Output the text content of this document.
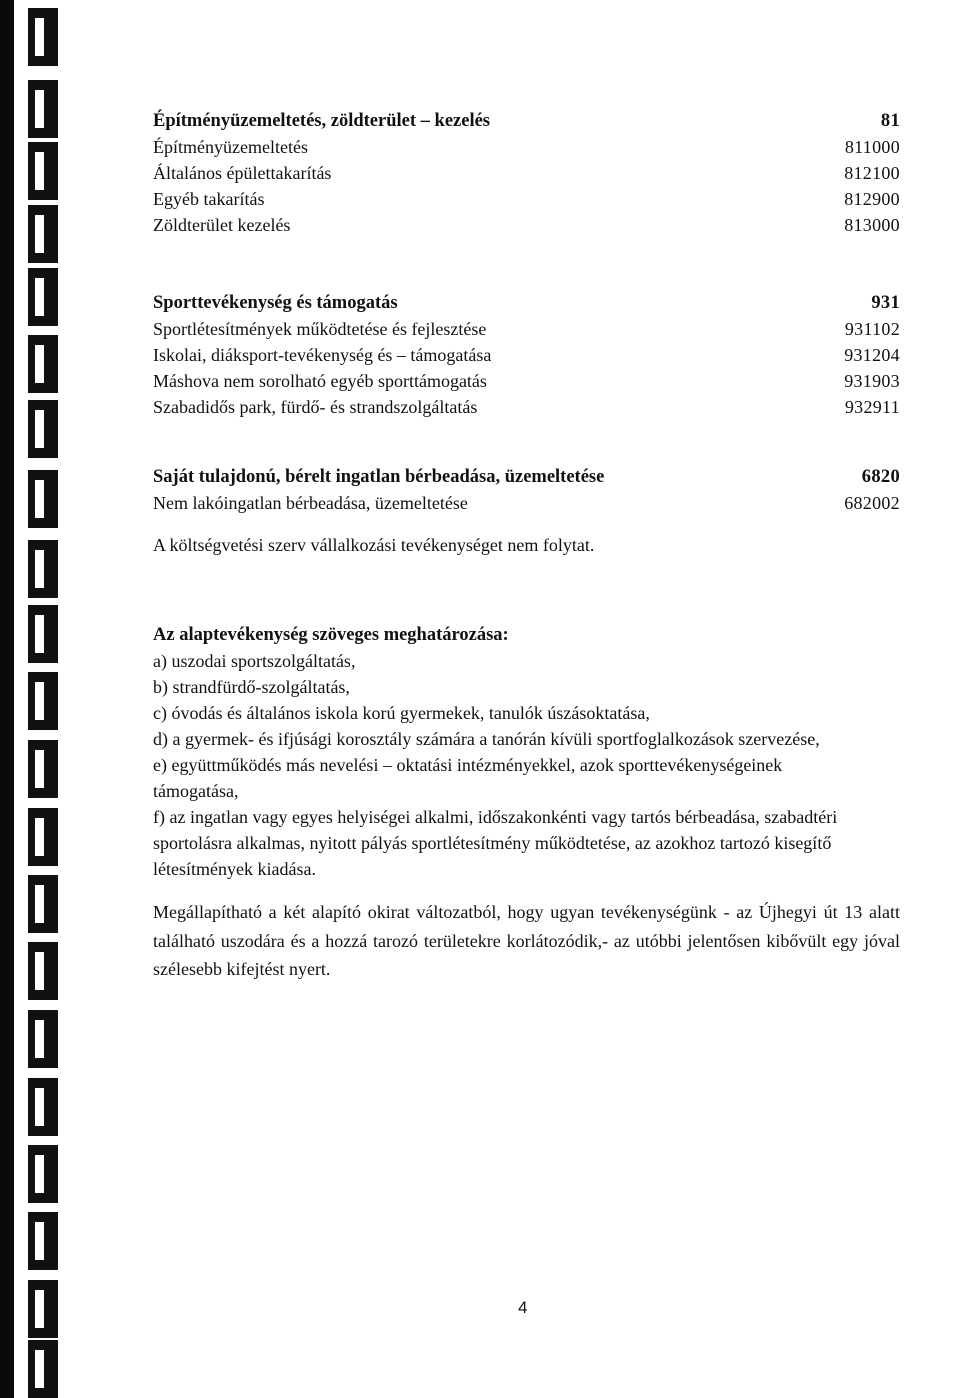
Építményüzemeltetés, zöldterület – kezelés	81
Építményüzemeltetés	811000
Általános épülettakarítás	812100
Egyéb takarítás	812900
Zöldterület kezelés	813000
Sporttevékenység és támogatás	931
Sportlétesítmények működtetése és fejlesztése	931102
Iskolai, diáksport-tevékenység és – támogatása	931204
Máshova nem sorolható egyéb sporttámogatás	931903
Szabadidős park, fürdő- és strandszolgáltatás	932911
Saját tulajdonú, bérelt ingatlan bérbeadása, üzemeltetése	6820
Nem lakóingatlan bérbeadása, üzemeltetése	682002
A költségvetési szerv vállalkozási tevékenységet nem folytat.
Az alaptevékenység szöveges meghatározása:

a) uszodai sportszolgáltatás,

b) strandfürdő-szolgáltatás,

c) óvodás és általános iskola korú gyermekek, tanulók úszásoktatása,

d) a gyermek- és ifjúsági korosztály számára a tanórán kívüli sportfoglalkozások szervezése,

e) együttműködés más nevelési – oktatási intézményekkel, azok sporttevékenységeinek támogatása,

f) az ingatlan vagy egyes helyiségei alkalmi, időszakonkénti vagy tartós bérbeadása, szabadtéri sportolásra alkalmas, nyitott pályás sportlétesítmény működtetése, az azokhoz tartozó kisegítő létesítmények kiadása.

Megállapítható a két alapító okirat változatból, hogy ugyan tevékenységünk - az Újhegyi út 13 alatt található uszodára és a hozzá tarozó területekre korlátozódik,- az utóbbi jelentősen kibővült egy jóval szélesebb kifejtést nyert.

4
